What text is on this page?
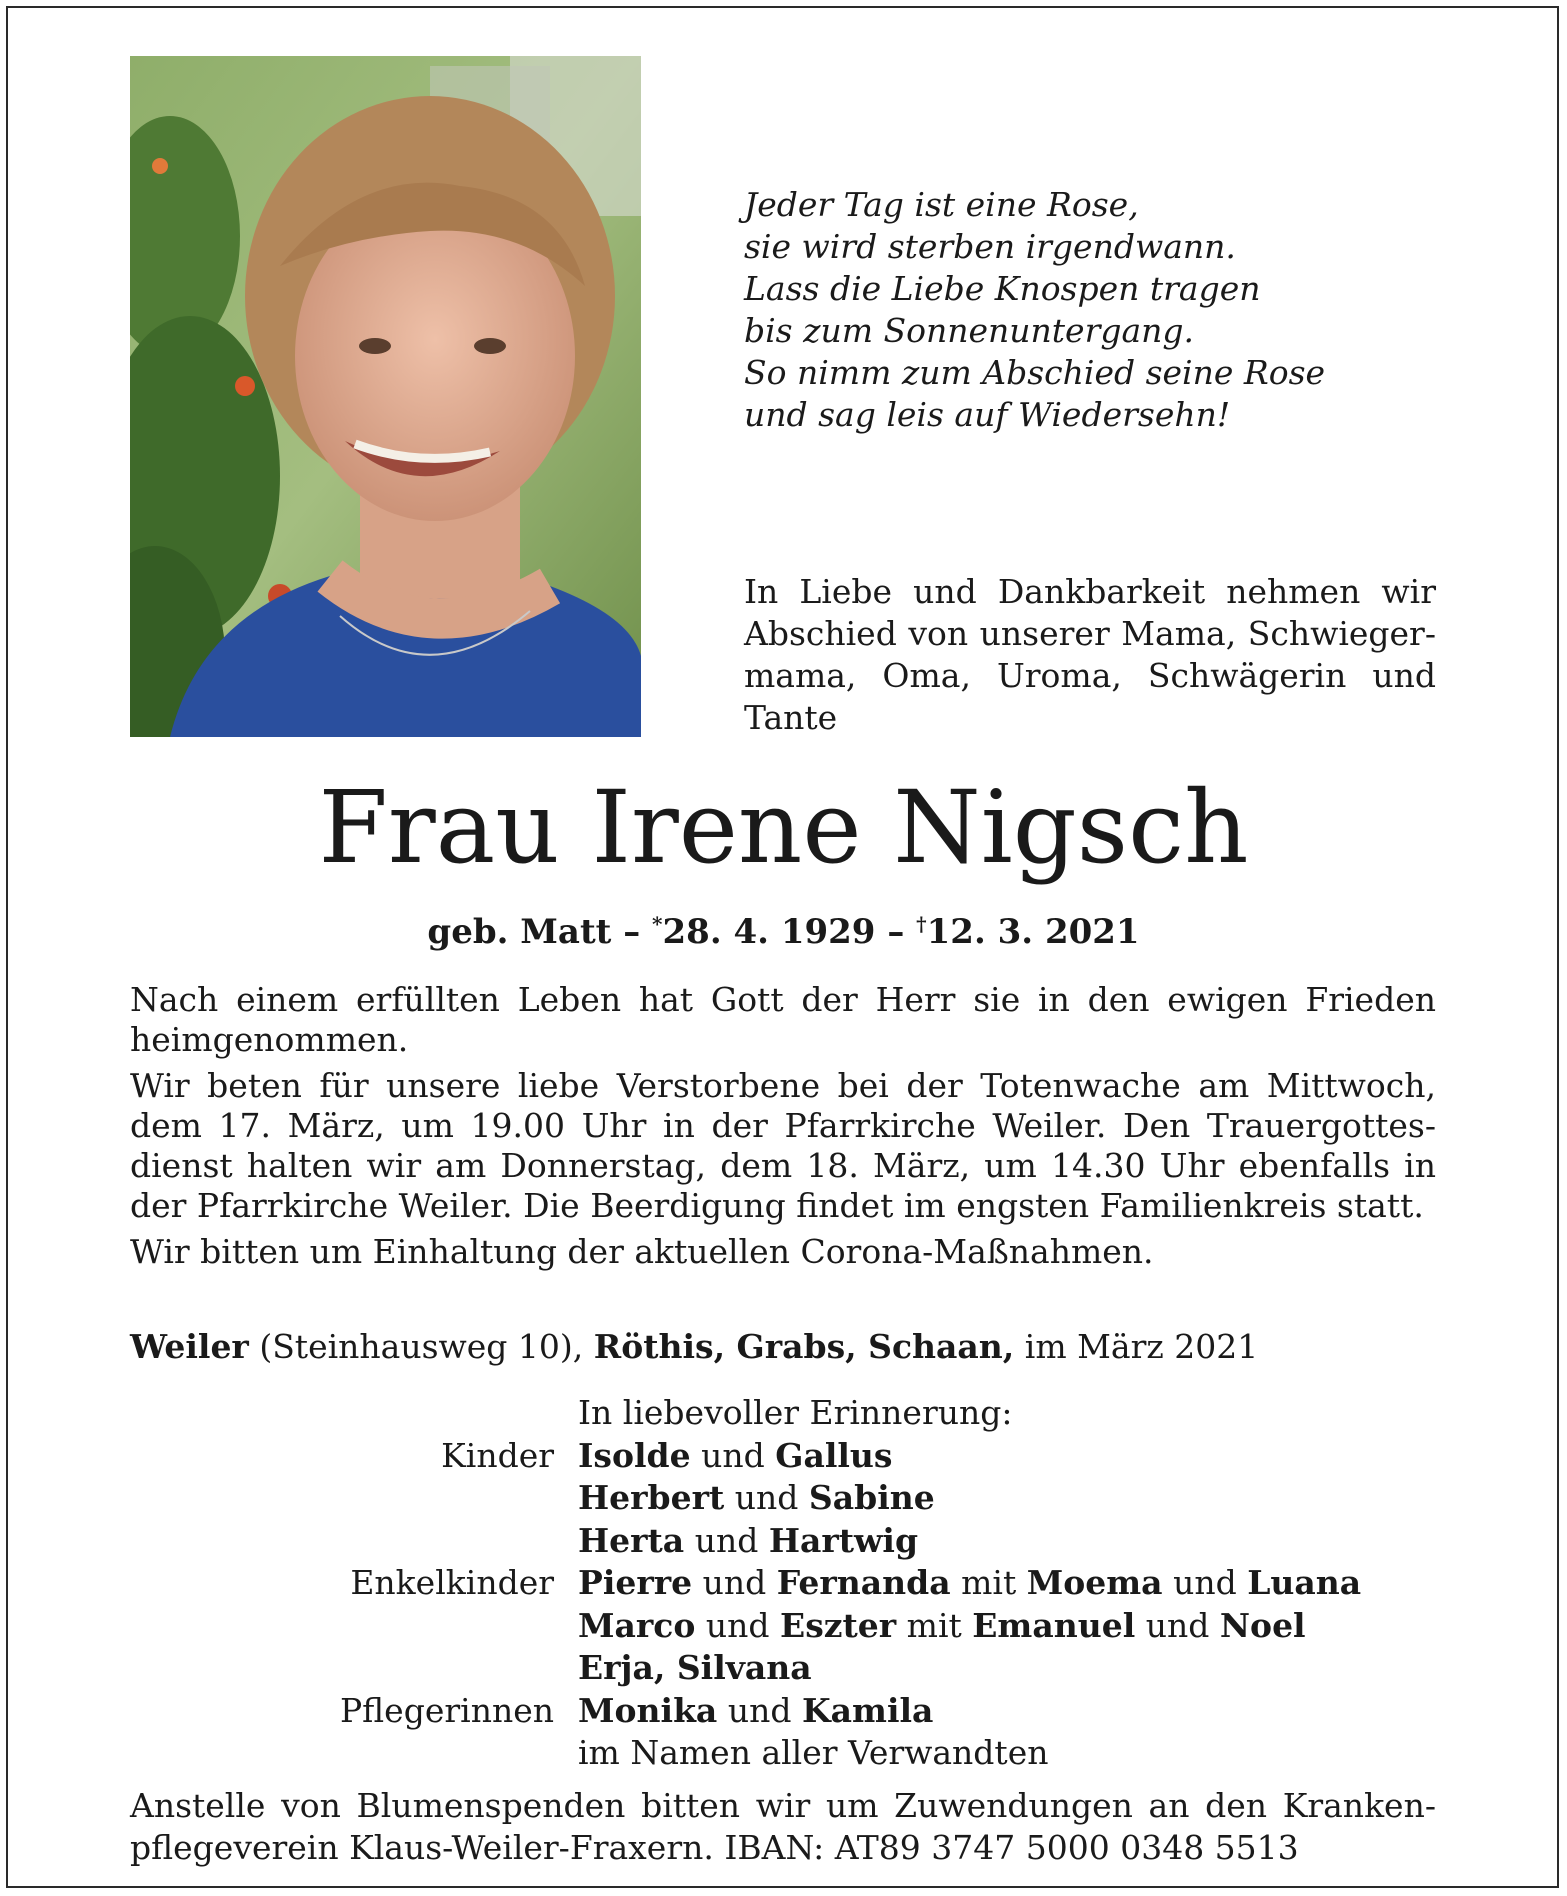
Jeder Tag ist eine Rose,
sie wird sterben irgendwann.
Lass die Liebe Knospen tragen
bis zum Sonnenuntergang.
So nimm zum Abschied seine Rose
und sag leis auf Wiedersehn!
In Liebe und Dankbarkeit nehmen wir Abschied von unserer Mama, Schwiegermama, Oma, Uroma, Schwägerin und Tante
Frau Irene Nigsch
geb. Matt – *28. 4. 1929 – †12. 3. 2021

Nach einem erfüllten Leben hat Gott der Herr sie in den ewigen Frieden heimgenommen.

Wir beten für unsere liebe Verstorbene bei der Totenwache am Mittwoch, dem 17. März, um 19.00 Uhr in der Pfarrkirche Weiler. Den Trauergottesdienst halten wir am Donnerstag, dem 18. März, um 14.30 Uhr ebenfalls in der Pfarrkirche Weiler. Die Beerdigung findet im engsten Familienkreis statt.

Wir bitten um Einhaltung der aktuellen Corona-Maßnahmen.

Weiler (Steinhausweg 10), Röthis, Grabs, Schaan, im März 2021
In liebevoller Erinnerung:
Kinder Isolde und Gallus
Herbert und Sabine
Herta und Hartwig
Enkelkinder Pierre und Fernanda mit Moema und Luana
Marco und Eszter mit Emanuel und Noel
Erja, Silvana
Pflegerinnen Monika und Kamila
im Namen aller Verwandten
Anstelle von Blumenspenden bitten wir um Zuwendungen an den Krankenpflegeverein Klaus-Weiler-Fraxern. IBAN: AT89 3747 5000 0348 5513
